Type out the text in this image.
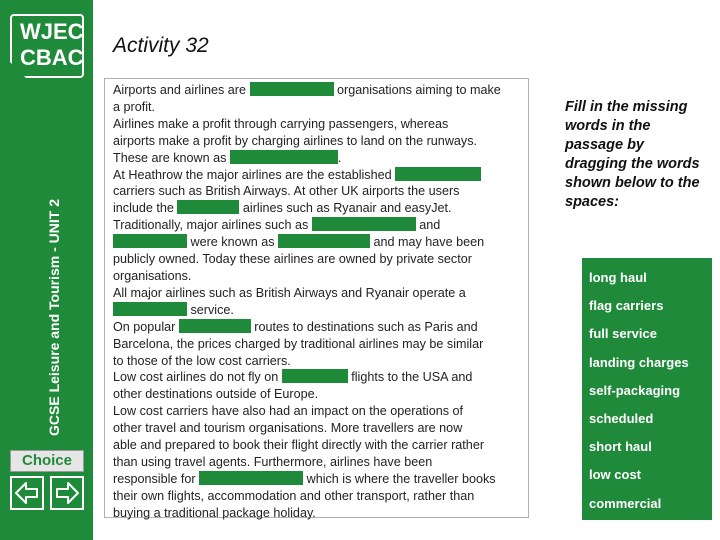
WJEC
CBAC
GCSE Leisure and Tourism - UNIT 2
Choice
Activity 32

Airports and airlines are	organisations aiming to make

a profit.

Airlines make a profit through carrying passengers, whereas

airports make a profit by charging airlines to land on the runways.

These are known as	.

At Heathrow the major airlines are the established

carriers such as British Airways. At other UK airports the users

include the	airlines such as Ryanair and easyJet.

Traditionally, major airlines such as	and

were known as	and may have been

publicly owned. Today these airlines are owned by private sector

organisations.

All major airlines such as British Airways and Ryanair operate a

service.

On popular	routes to destinations such as Paris and

Barcelona, the prices charged by traditional airlines may be similar

to those of the low cost carriers.

Low cost airlines do not fly on	flights to the USA and

other destinations outside of Europe.

Low cost carriers have also had an impact on the operations of

other travel and tourism organisations. More travellers are now

able and prepared to book their flight directly with the carrier rather

than using travel agents. Furthermore, airlines have been

responsible for	which is where the traveller books

their own flights, accommodation and other transport, rather than

buying a traditional package holiday.

Fill in the missing words in the passage by dragging the words shown below to the spaces:
long haul
flag carriers
full service
landing charges
self-packaging
scheduled
short haul
low cost
commercial
